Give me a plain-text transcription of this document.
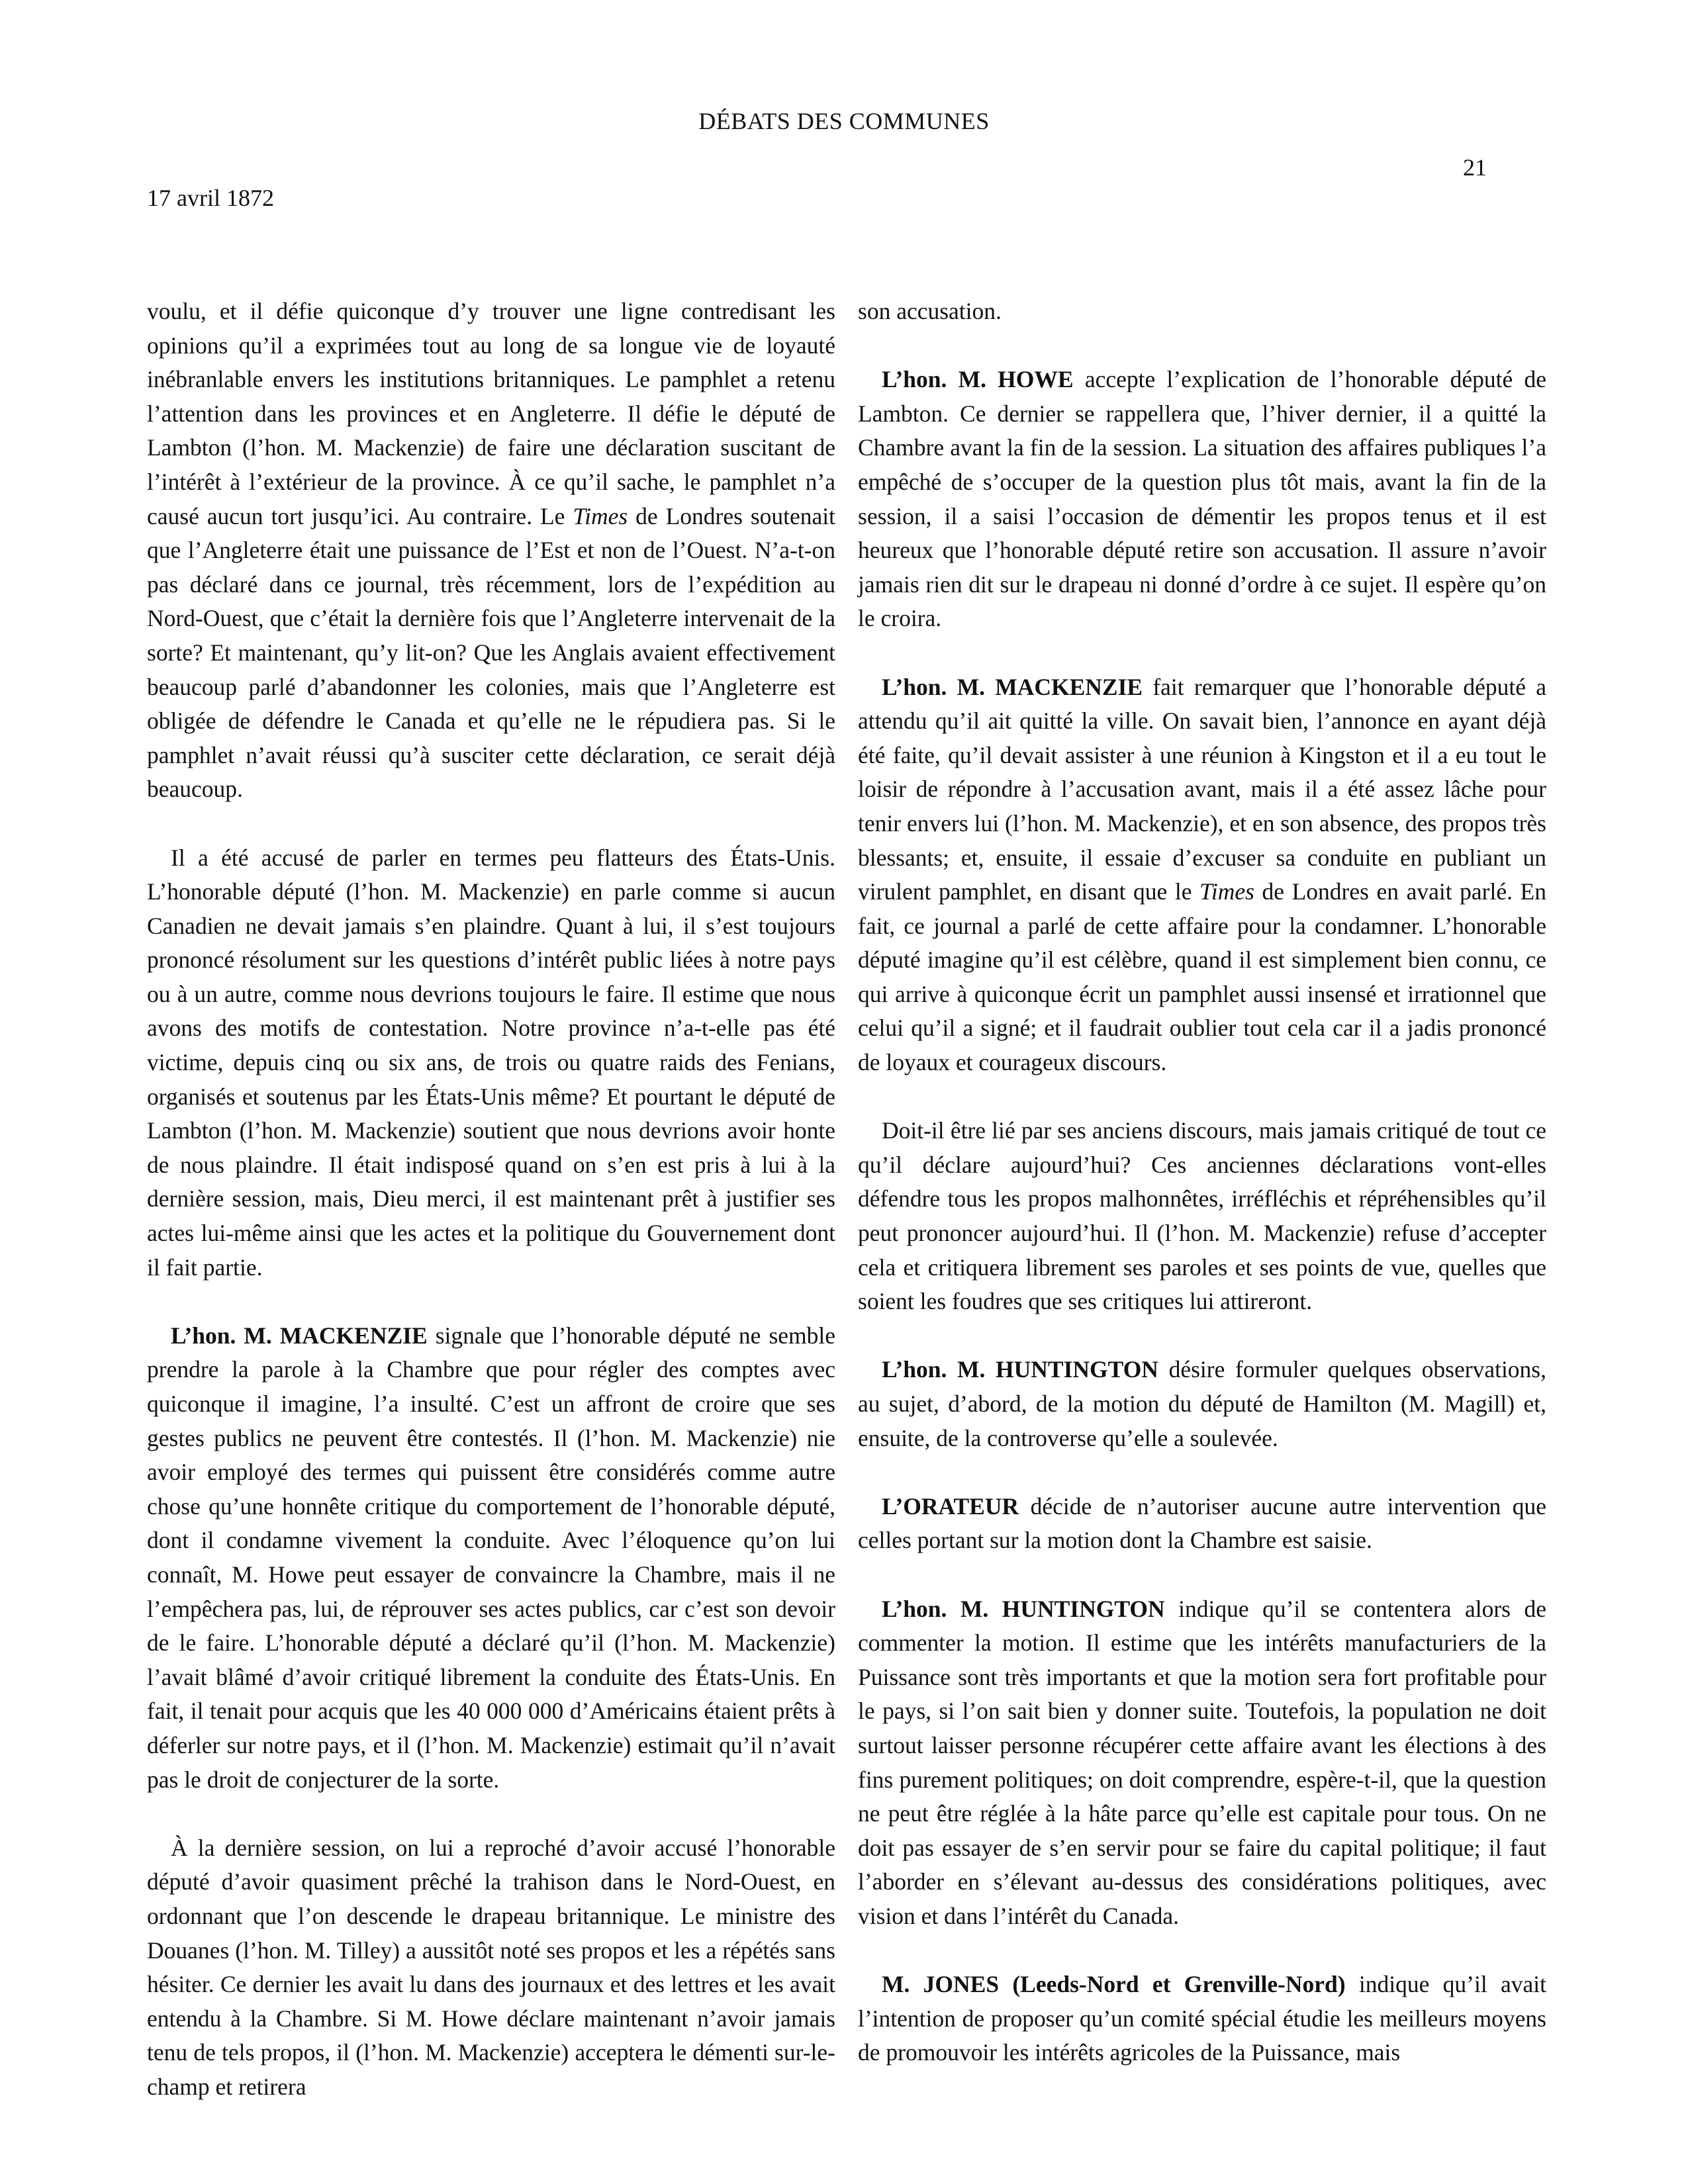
DÉBATS DES COMMUNES
17 avril 1872
21

voulu, et il défie quiconque d’y trouver une ligne contredisant les opinions qu’il a exprimées tout au long de sa longue vie de loyauté inébranlable envers les institutions britanniques. Le pamphlet a retenu l’attention dans les provinces et en Angleterre. Il défie le député de Lambton (l’hon. M. Mackenzie) de faire une déclaration suscitant de l’intérêt à l’extérieur de la province. À ce qu’il sache, le pamphlet n’a causé aucun tort jusqu’ici. Au contraire. Le Times de Londres soutenait que l’Angleterre était une puissance de l’Est et non de l’Ouest. N’a-t-on pas déclaré dans ce journal, très récemment, lors de l’expédition au Nord-Ouest, que c’était la dernière fois que l’Angleterre intervenait de la sorte? Et maintenant, qu’y lit-on? Que les Anglais avaient effectivement beaucoup parlé d’abandonner les colonies, mais que l’Angleterre est obligée de défendre le Canada et qu’elle ne le répudiera pas. Si le pamphlet n’avait réussi qu’à susciter cette déclaration, ce serait déjà beaucoup.

Il a été accusé de parler en termes peu flatteurs des États-Unis. L’honorable député (l’hon. M. Mackenzie) en parle comme si aucun Canadien ne devait jamais s’en plaindre. Quant à lui, il s’est toujours prononcé résolument sur les questions d’intérêt public liées à notre pays ou à un autre, comme nous devrions toujours le faire. Il estime que nous avons des motifs de contestation. Notre province n’a-t-elle pas été victime, depuis cinq ou six ans, de trois ou quatre raids des Fenians, organisés et soutenus par les États-Unis même? Et pourtant le député de Lambton (l’hon. M. Mackenzie) soutient que nous devrions avoir honte de nous plaindre. Il était indisposé quand on s’en est pris à lui à la dernière session, mais, Dieu merci, il est maintenant prêt à justifier ses actes lui-même ainsi que les actes et la politique du Gouvernement dont il fait partie.

L’hon. M. MACKENZIE signale que l’honorable député ne semble prendre la parole à la Chambre que pour régler des comptes avec quiconque il imagine, l’a insulté. C’est un affront de croire que ses gestes publics ne peuvent être contestés. Il (l’hon. M. Mackenzie) nie avoir employé des termes qui puissent être considérés comme autre chose qu’une honnête critique du comportement de l’honorable député, dont il condamne vivement la conduite. Avec l’éloquence qu’on lui connaît, M. Howe peut essayer de convaincre la Chambre, mais il ne l’empêchera pas, lui, de réprouver ses actes publics, car c’est son devoir de le faire. L’honorable député a déclaré qu’il (l’hon. M. Mackenzie) l’avait blâmé d’avoir critiqué librement la conduite des États-Unis. En fait, il tenait pour acquis que les 40 000 000 d’Américains étaient prêts à déferler sur notre pays, et il (l’hon. M. Mackenzie) estimait qu’il n’avait pas le droit de conjecturer de la sorte.

À la dernière session, on lui a reproché d’avoir accusé l’honorable député d’avoir quasiment prêché la trahison dans le Nord-Ouest, en ordonnant que l’on descende le drapeau britannique. Le ministre des Douanes (l’hon. M. Tilley) a aussitôt noté ses propos et les a répétés sans hésiter. Ce dernier les avait lu dans des journaux et des lettres et les avait entendu à la Chambre. Si M. Howe déclare maintenant n’avoir jamais tenu de tels propos, il (l’hon. M. Mackenzie) acceptera le démenti sur-le-champ et retirera

son accusation.

L’hon. M. HOWE accepte l’explication de l’honorable député de Lambton. Ce dernier se rappellera que, l’hiver dernier, il a quitté la Chambre avant la fin de la session. La situation des affaires publiques l’a empêché de s’occuper de la question plus tôt mais, avant la fin de la session, il a saisi l’occasion de démentir les propos tenus et il est heureux que l’honorable député retire son accusation. Il assure n’avoir jamais rien dit sur le drapeau ni donné d’ordre à ce sujet. Il espère qu’on le croira.

L’hon. M. MACKENZIE fait remarquer que l’honorable député a attendu qu’il ait quitté la ville. On savait bien, l’annonce en ayant déjà été faite, qu’il devait assister à une réunion à Kingston et il a eu tout le loisir de répondre à l’accusation avant, mais il a été assez lâche pour tenir envers lui (l’hon. M. Mackenzie), et en son absence, des propos très blessants; et, ensuite, il essaie d’excuser sa conduite en publiant un virulent pamphlet, en disant que le Times de Londres en avait parlé. En fait, ce journal a parlé de cette affaire pour la condamner. L’honorable député imagine qu’il est célèbre, quand il est simplement bien connu, ce qui arrive à quiconque écrit un pamphlet aussi insensé et irrationnel que celui qu’il a signé; et il faudrait oublier tout cela car il a jadis prononcé de loyaux et courageux discours.

Doit-il être lié par ses anciens discours, mais jamais critiqué de tout ce qu’il déclare aujourd’hui? Ces anciennes déclarations vont-elles défendre tous les propos malhonnêtes, irréfléchis et répréhensibles qu’il peut prononcer aujourd’hui. Il (l’hon. M. Mackenzie) refuse d’accepter cela et critiquera librement ses paroles et ses points de vue, quelles que soient les foudres que ses critiques lui attireront.

L’hon. M. HUNTINGTON désire formuler quelques observations, au sujet, d’abord, de la motion du député de Hamilton (M. Magill) et, ensuite, de la controverse qu’elle a soulevée.

L’ORATEUR décide de n’autoriser aucune autre intervention que celles portant sur la motion dont la Chambre est saisie.

L’hon. M. HUNTINGTON indique qu’il se contentera alors de commenter la motion. Il estime que les intérêts manufacturiers de la Puissance sont très importants et que la motion sera fort profitable pour le pays, si l’on sait bien y donner suite. Toutefois, la population ne doit surtout laisser personne récupérer cette affaire avant les élections à des fins purement politiques; on doit comprendre, espère-t-il, que la question ne peut être réglée à la hâte parce qu’elle est capitale pour tous. On ne doit pas essayer de s’en servir pour se faire du capital politique; il faut l’aborder en s’élevant au-dessus des considérations politiques, avec vision et dans l’intérêt du Canada.

M. JONES (Leeds-Nord et Grenville-Nord) indique qu’il avait l’intention de proposer qu’un comité spécial étudie les meilleurs moyens de promouvoir les intérêts agricoles de la Puissance, mais
